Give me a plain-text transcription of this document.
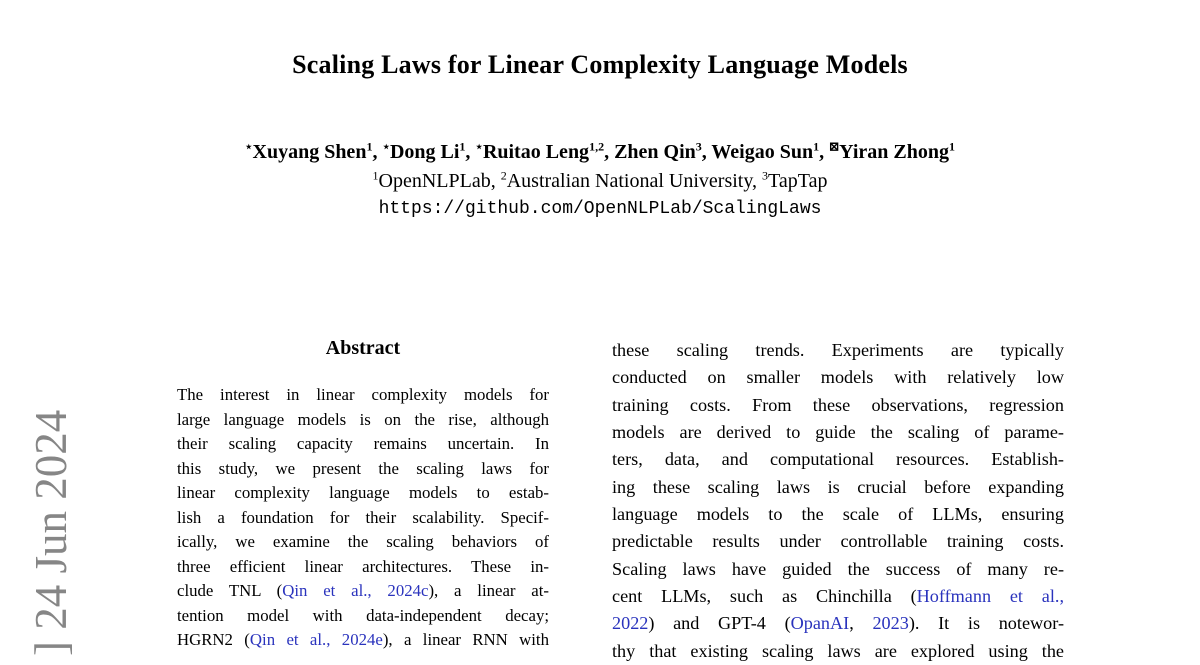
] 24 Jun 2024
Scaling Laws for Linear Complexity Language Models
⋆Xuyang Shen$^1$, ⋆Dong Li$^1$, ⋆Ruitao Leng$^{1,2}$, Zhen Qin$^3$, Weigao Sun$^1$, ⊠Yiran Zhong$^1$
$^1$OpenNLPLab, $^2$Australian National University, $^3$TapTap
https://github.com/OpenNLPLab/ScalingLaws
Abstract
The interest in linear complexity models for
large language models is on the rise, although
their scaling capacity remains uncertain. In
this study, we present the scaling laws for
linear complexity language models to estab-
lish a foundation for their scalability. Specif-
ically, we examine the scaling behaviors of
three efficient linear architectures. These in-
clude TNL (Qin et al., 2024c), a linear at-
tention model with data-independent decay;
HGRN2 (Qin et al., 2024e), a linear RNN with
these scaling trends. Experiments are typically
conducted on smaller models with relatively low
training costs. From these observations, regression
models are derived to guide the scaling of parame-
ters, data, and computational resources. Establish-
ing these scaling laws is crucial before expanding
language models to the scale of LLMs, ensuring
predictable results under controllable training costs.
Scaling laws have guided the success of many re-
cent LLMs, such as Chinchilla (Hoffmann et al.,
2022) and GPT-4 (OpanAI, 2023). It is notewor-
thy that existing scaling laws are explored using the
